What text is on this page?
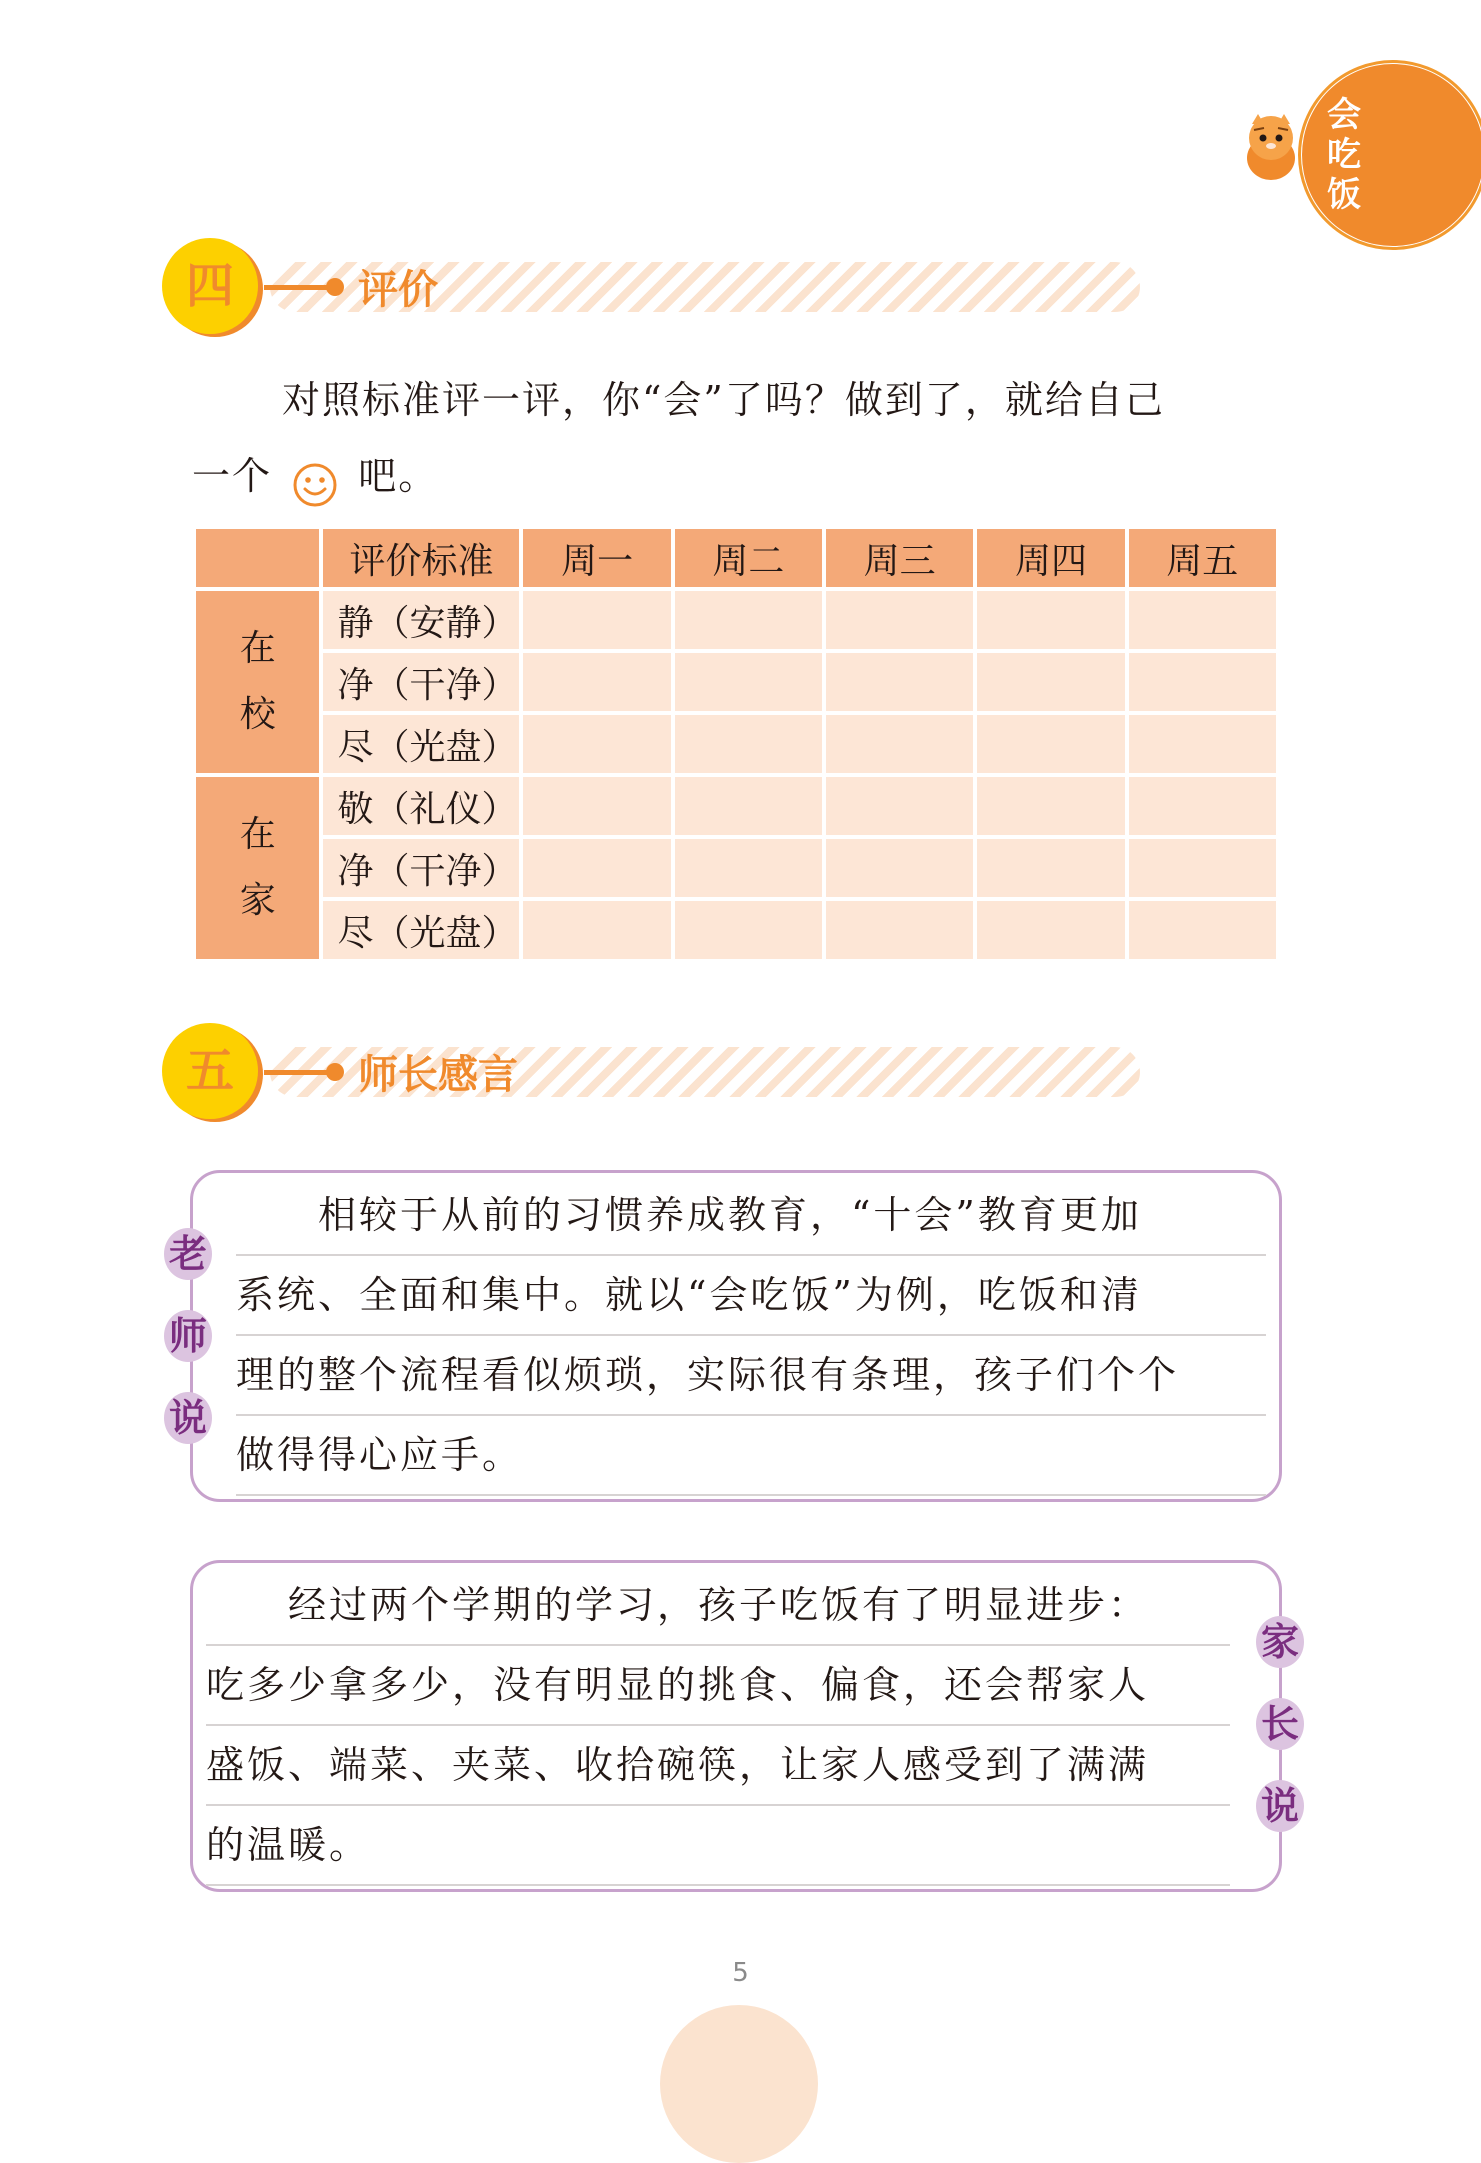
会
吃
饭
四	评价
对照标准评一评，你“会”了吗？做到了，就给自己
一个 吧。
	评价标准	周一	周二	周三	周四	周五

在
校	静（安静）					
	净（干净）					
	尽（光盘）					

在
家	敬（礼仪）					
	净（干净）					
	尽（光盘）					
五	师长感言
老
师
说
　　相较于从前的习惯养成教育，“十会”教育更加
系统、全面和集中。就以“会吃饭”为例，吃饭和清
理的整个流程看似烦琐，实际很有条理，孩子们个个
做得得心应手。
家
长
说
　　经过两个学期的学习，孩子吃饭有了明显进步：
吃多少拿多少，没有明显的挑食、偏食，还会帮家人
盛饭、端菜、夹菜、收拾碗筷，让家人感受到了满满
的温暖。
5
